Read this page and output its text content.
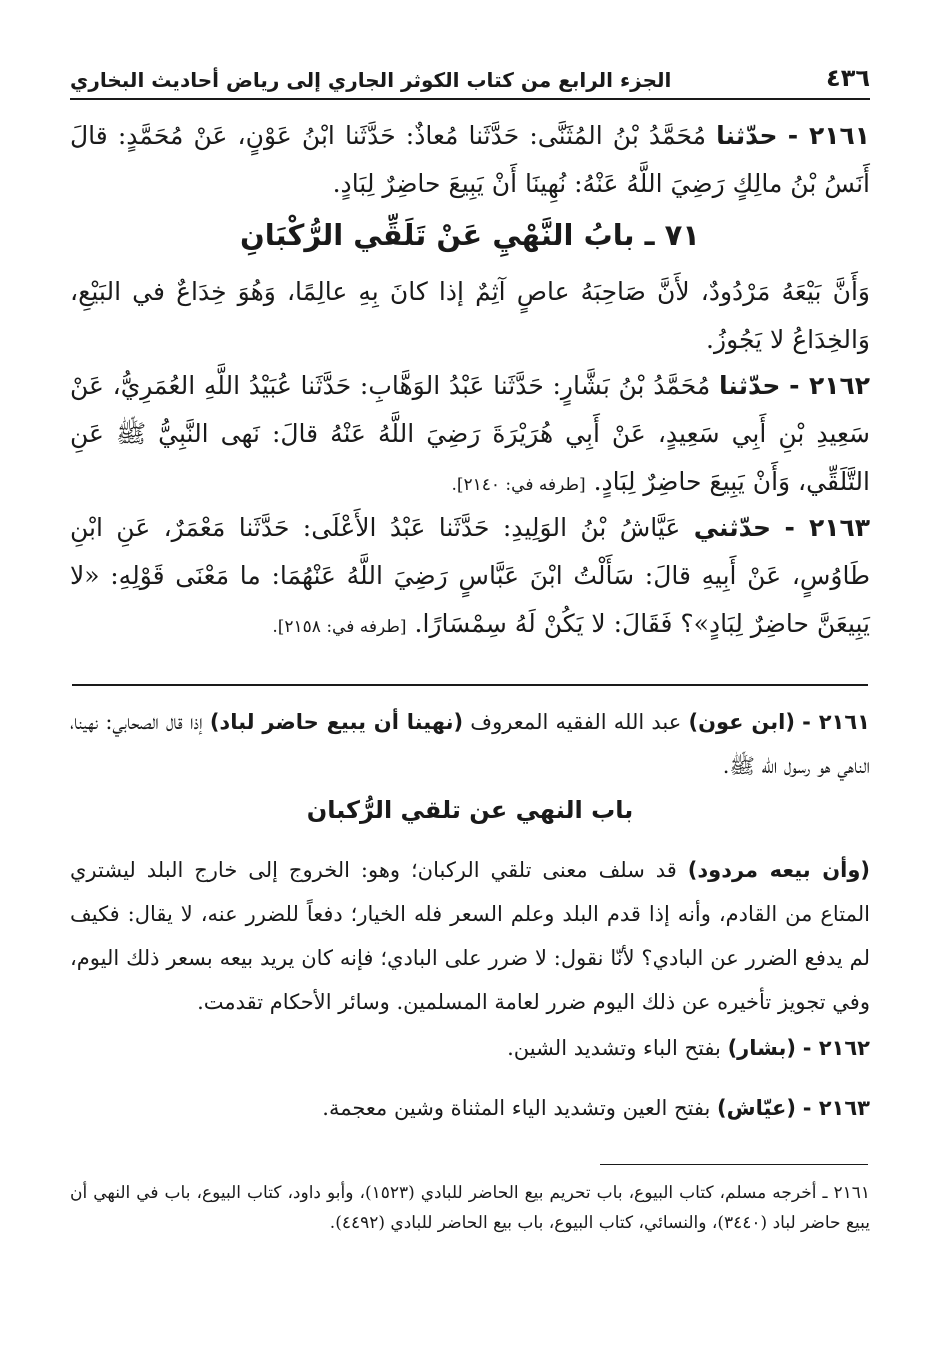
٤٣٦
الجزء الرابع من كتاب الكوثر الجاري إلى رياض أحاديث البخاري

٢١٦١ - حدّثنا مُحَمَّدُ بْنُ المُثَنَّى: حَدَّثَنا مُعاذٌ: حَدَّثَنا ابْنُ عَوْنٍ، عَنْ مُحَمَّدٍ: قالَ أَنَسُ بْنُ مالِكٍ رَضِيَ اللَّهُ عَنْهُ: نُهِينَا أَنْ يَبِيعَ حاضِرٌ لِبَادٍ.

٧١ ـ بابُ النَّهْيِ عَنْ تَلَقِّي الرُّكْبَانِ

وَأَنَّ بَيْعَهُ مَرْدُودٌ، لأَنَّ صَاحِبَهُ عاصٍ آثِمٌ إذا كانَ بِهِ عالِمًا، وَهُوَ خِدَاعٌ في البَيْعِ، وَالخِدَاعُ لا يَجُوزُ.

٢١٦٢ - حدّثنا مُحَمَّدُ بْنُ بَشَّارٍ: حَدَّثَنا عَبْدُ الوَهَّابِ: حَدَّثَنا عُبَيْدُ اللَّهِ العُمَرِيُّ، عَنْ سَعِيدِ بْنِ أَبِي سَعِيدٍ، عَنْ أَبِي هُرَيْرَةَ رَضِيَ اللَّهُ عَنْهُ قالَ: نَهى النَّبِيُّ ﷺ عَنِ التَّلَقِّي، وَأَنْ يَبِيعَ حاضِرٌ لِبَادٍ. [طرفه في: ٢١٤٠].

٢١٦٣ - حدّثني عَيَّاشُ بْنُ الوَلِيدِ: حَدَّثَنا عَبْدُ الأَعْلَى: حَدَّثَنا مَعْمَرٌ، عَنِ ابْنِ طَاوُسٍ، عَنْ أَبِيهِ قالَ: سَأَلْتُ ابْنَ عَبَّاسٍ رَضِيَ اللَّهُ عَنْهُمَا: ما مَعْنَى قَوْلِهِ: «لا يَبِيعَنَّ حاضِرٌ لِبَادٍ»؟ فَقَالَ: لا يَكُنْ لَهُ سِمْسَارًا. [طرفه في: ٢١٥٨].

٢١٦١ - (ابن عون) عبد الله الفقيه المعروف (نهينا أن يبيع حاضر لباد) إذا قال الصحابي: نهينا، الناهي هو رسول الله ﷺ.

باب النهي عن تلقي الرُّكبان

(وأن بيعه مردود) قد سلف معنى تلقي الركبان؛ وهو: الخروج إلى خارج البلد ليشتري المتاع من القادم، وأنه إذا قدم البلد وعلم السعر فله الخيار؛ دفعاً للضرر عنه، لا يقال: فكيف لم يدفع الضرر عن البادي؟ لأنّا نقول: لا ضرر على البادي؛ فإنه كان يريد بيعه بسعر ذلك اليوم، وفي تجويز تأخيره عن ذلك اليوم ضرر لعامة المسلمين. وسائر الأحكام تقدمت.

٢١٦٢ - (بشار) بفتح الباء وتشديد الشين.

٢١٦٣ - (عيّاش) بفتح العين وتشديد الياء المثناة وشين معجمة.

٢١٦١ ـ أخرجه مسلم، كتاب البيوع، باب تحريم بيع الحاضر للبادي (١٥٢٣)، وأبو داود، كتاب البيوع، باب في النهي أن يبيع حاضر لباد (٣٤٤٠)، والنسائي، كتاب البيوع، باب بيع الحاضر للبادي (٤٤٩٢).
